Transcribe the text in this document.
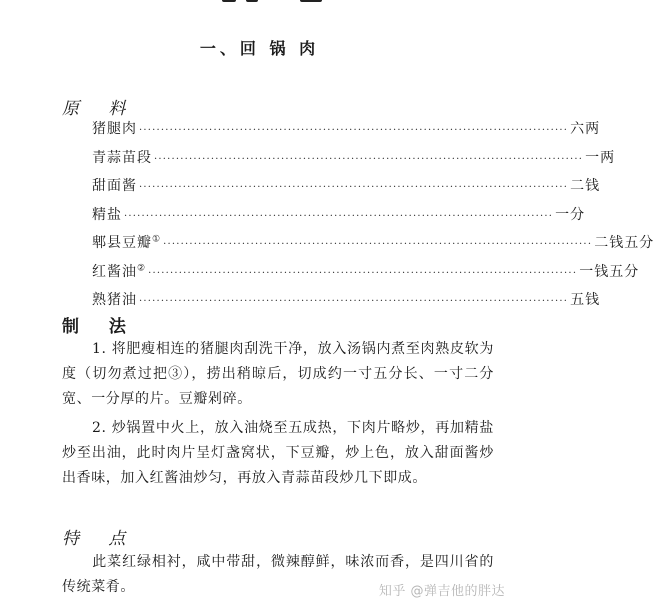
一、回 锅 肉
原 料
猪腿肉 ·································································································· 六两
青蒜苗段 ·································································································· 一两
甜面酱 ·································································································· 二钱
精盐 ·································································································· 一分
郫县豆瓣① ·································································································· 二钱五分
红酱油② ·································································································· 一钱五分
熟猪油 ·································································································· 五钱
制 法

1. 将肥瘦相连的猪腿肉刮洗干净，放入汤锅内煮至肉熟皮软为度（切勿煮过把③），捞出稍晾后，切成约一寸五分长、一寸二分宽、一分厚的片。豆瓣剁碎。

2. 炒锅置中火上，放入油烧至五成热，下肉片略炒，再加精盐炒至出油，此时肉片呈灯盏窝状，下豆瓣，炒上色，放入甜面酱炒出香味，加入红酱油炒匀，再放入青蒜苗段炒几下即成。

特 点

此菜红绿相衬，咸中带甜，微辣醇鲜，味浓而香，是四川省的传统菜肴。	知乎 @弹吉他的胖达
